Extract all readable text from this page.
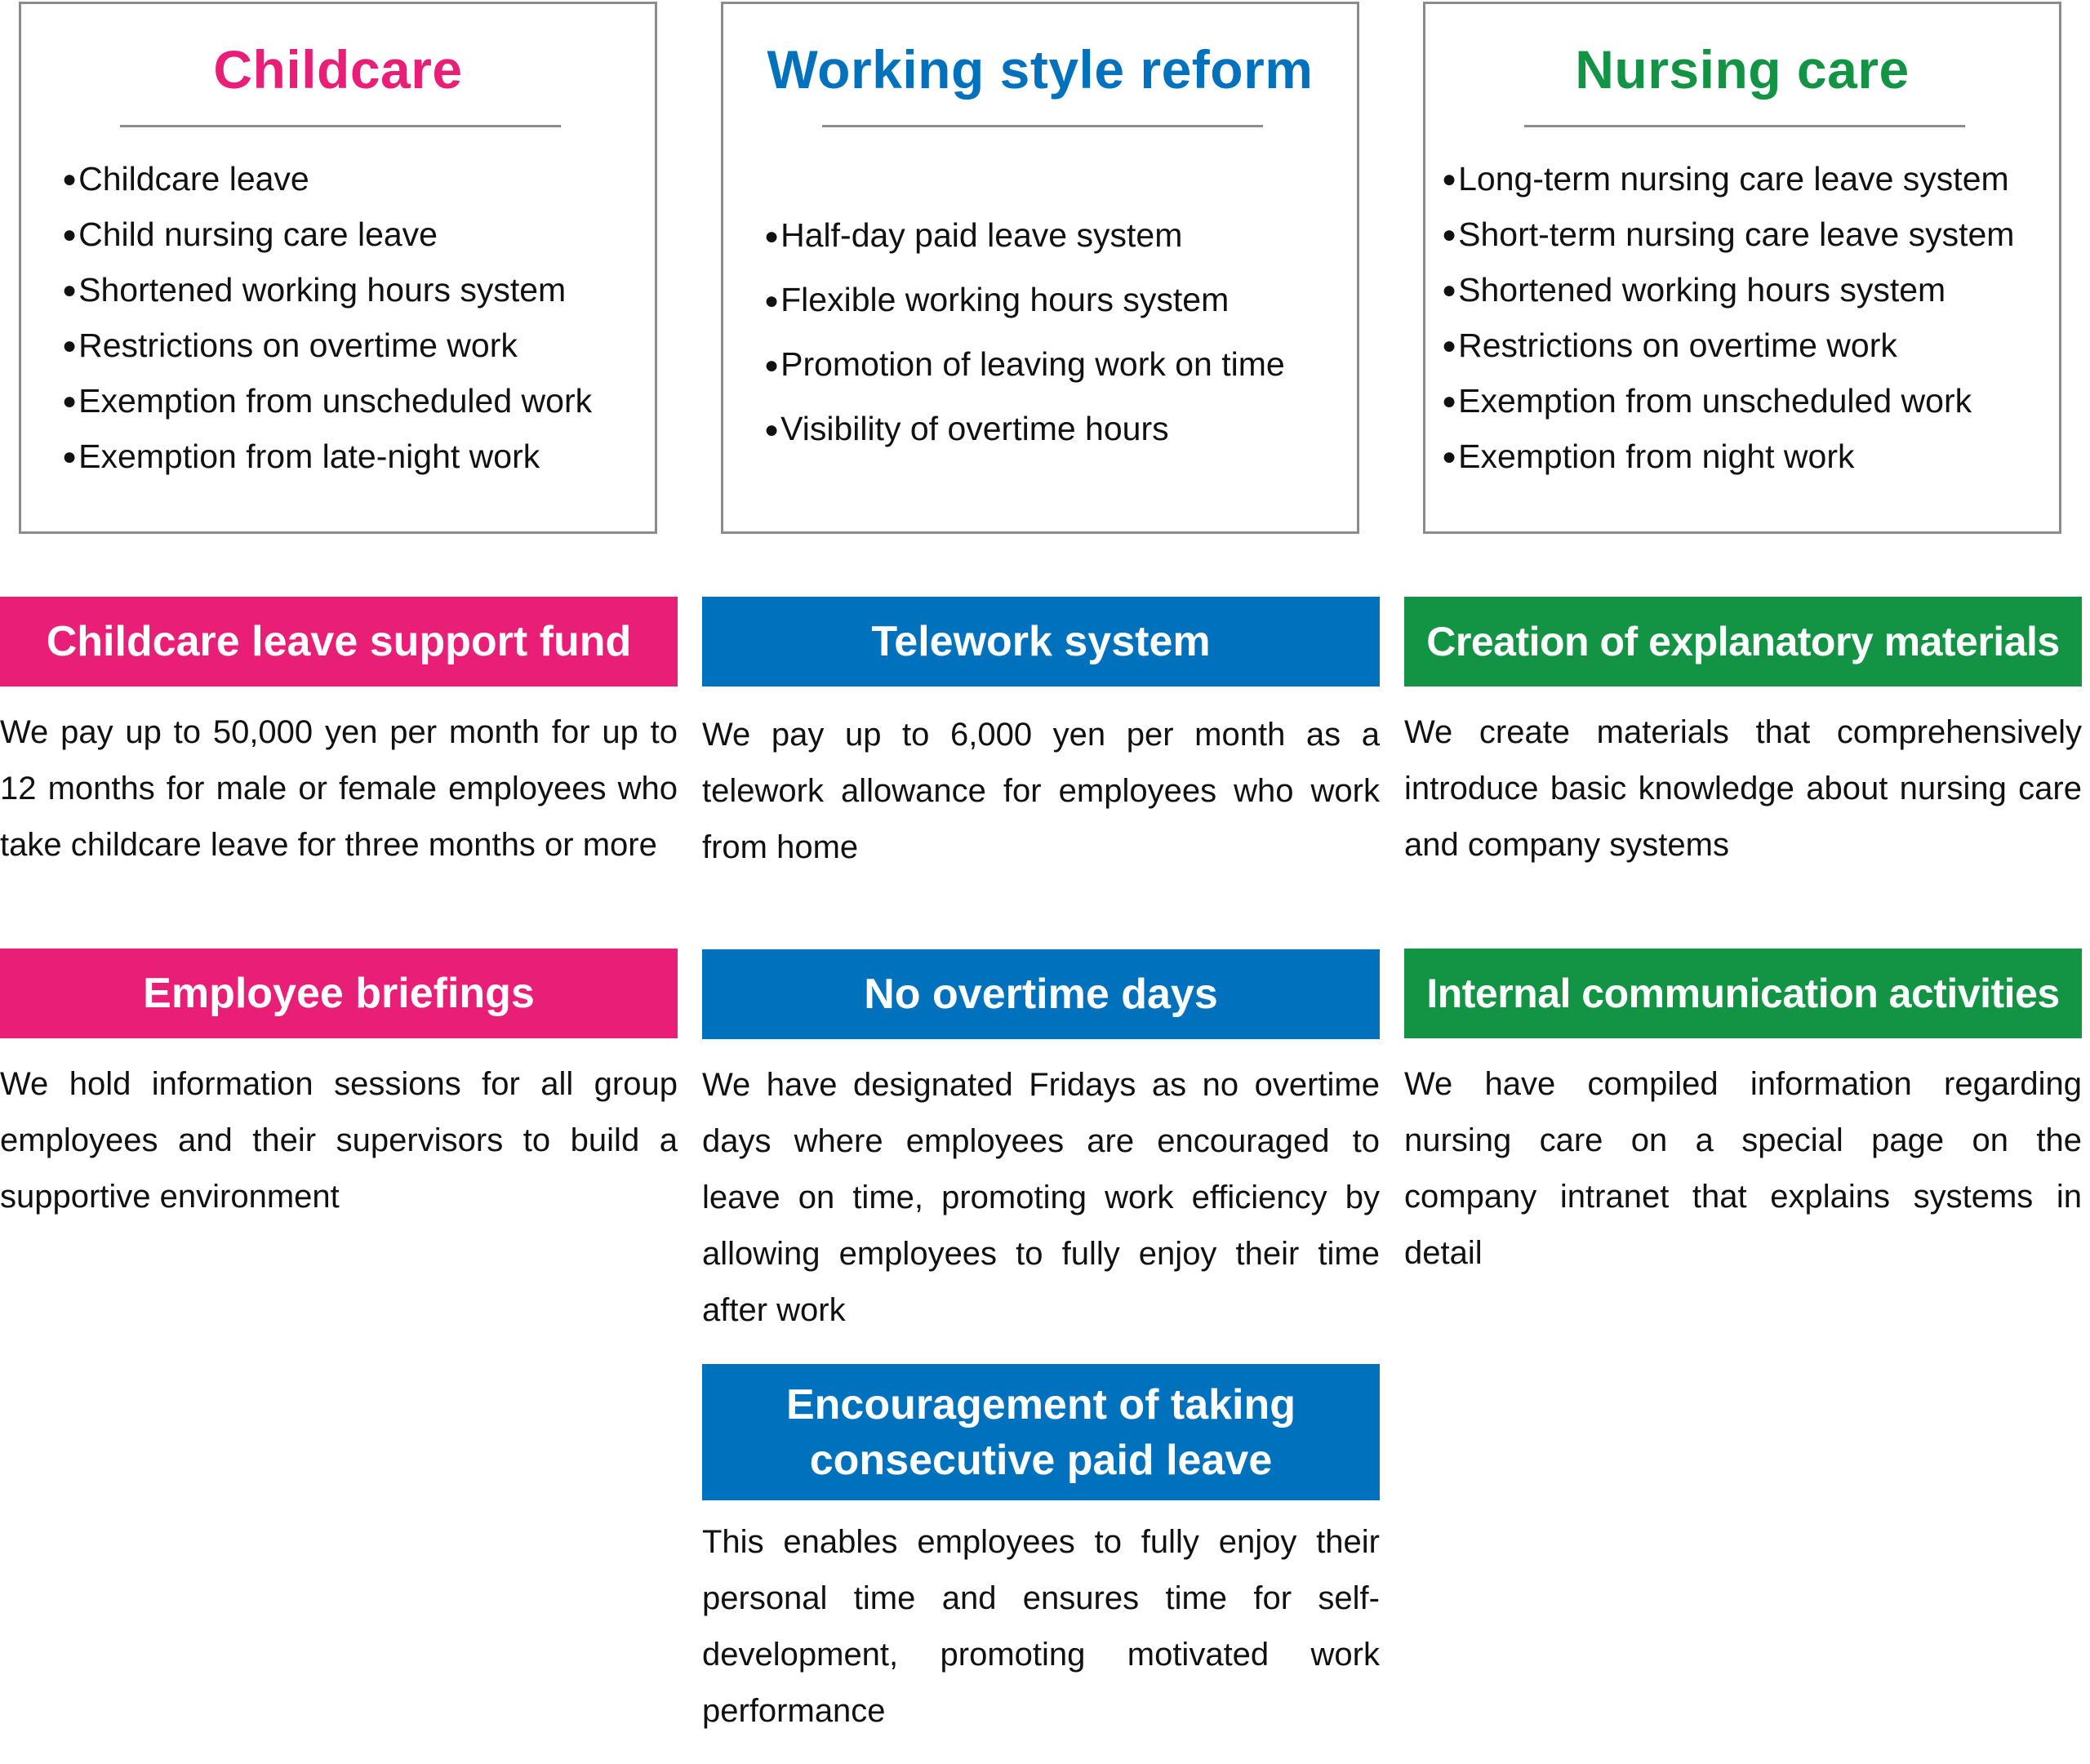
Childcare
● Childcare leave
● Child nursing care leave
● Shortened working hours system
● Restrictions on overtime work
● Exemption from unscheduled work
● Exemption from late-night work
Working style reform
● Half-day paid leave system
● Flexible working hours system
● Promotion of leaving work on time
● Visibility of overtime hours
Nursing care
● Long-term nursing care leave system
● Short-term nursing care leave system
● Shortened working hours system
● Restrictions on overtime work
● Exemption from unscheduled work
● Exemption from night work
Childcare leave support fund

We pay up to 50,000 yen per month for up to 12 months for male or female employees who take childcare leave for three months or more

Employee briefings

We hold information sessions for all group employees and their supervisors to build a supportive environment

Telework system

We pay up to 6,000 yen per month as a telework allowance for employees who work from home

No overtime days

We have designated Fridays as no overtime days where employees are encouraged to leave on time, promoting work efficiency by allowing employees to fully enjoy their time after work

Encouragement of taking
consecutive paid leave

This enables employees to fully enjoy their personal time and ensures time for self-development, promoting motivated work performance

Creation of explanatory materials

We create materials that comprehensively introduce basic knowledge about nursing care and company systems

Internal communication activities

We have compiled information regarding nursing care on a special page on the company intranet that explains systems in detail
